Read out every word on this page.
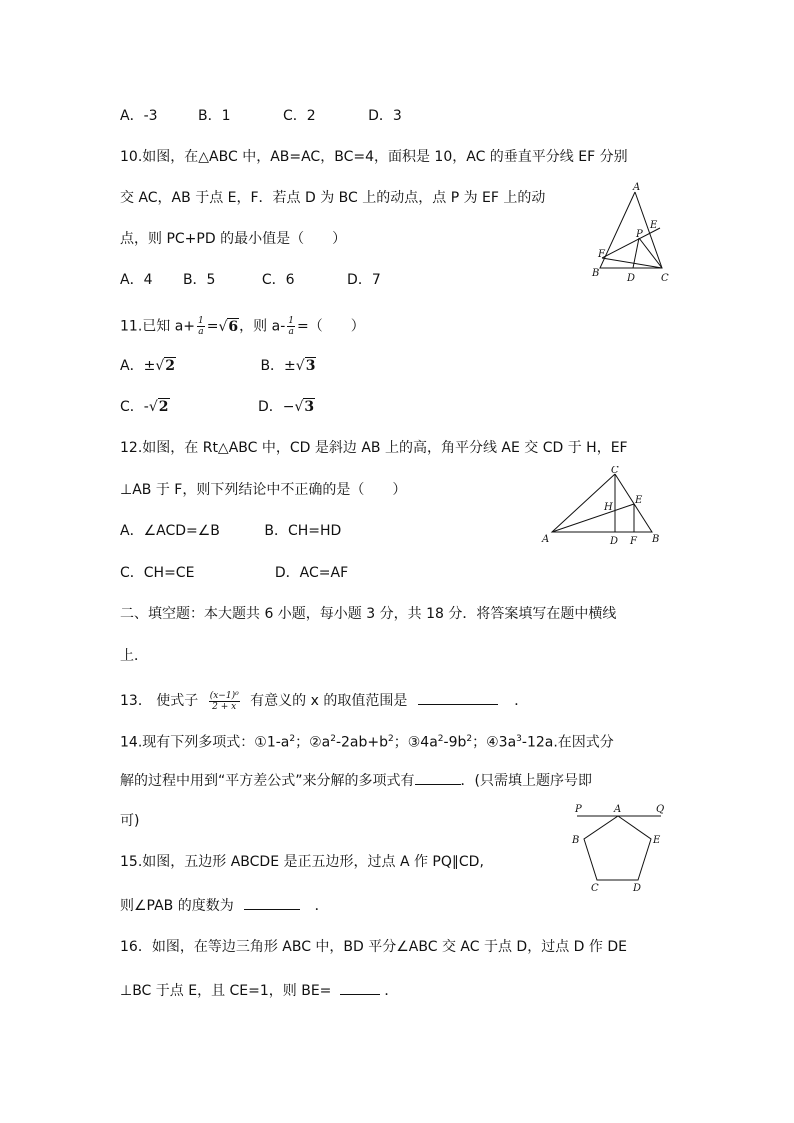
A．-3	B．1	C．2	D．3
10.如图，在△ABC 中，AB=AC，BC=4，面积是 10，AC 的垂直平分线 EF 分别
交 AC，AB 于点 E，F．若点 D 为 BC 上的动点，点 P 为 EF 上的动
点，则 PC+PD 的最小值是（　　）
A．4 B．5	C．6	D．7
A
B	C
D
E
F
P
11.已知 $a+ \frac{1}{a} =√6$，则 $a- \frac{1}{a}$ =（　　）
A．±√2	B．±√3
C．-√2	D．−√3
12.如图，在 Rt△ABC 中，CD 是斜边 AB 上的高，角平分线 AE 交 CD 于 H，EF
⊥AB 于 F，则下列结论中不正确的是（　　）
A．∠ACD=∠B	B．CH=HD
C．CH=CE	D．AC=AF
C
A	B
D F
E
H
二、填空题：本大题共 6 小题，每小题 3 分，共 18 分．将答案填写在题中横线
上．
13． 使式子 $\frac{\text{(x−1)⁰}}{2 + x}$ 有意义的 x 的取值范围是	．
14.现有下列多项式：$①1-a^2$；$②a^2-2ab+b^2$；$③4a^2-9b^2$；$④3a^3-12a$.在因式分
解的过程中用到“平方差公式”来分解的多项式有	．(只需填上题序号即
可)
15.如图，五边形 ABCDE 是正五边形，过点 A 作 PQ∥CD,
则∠PAB 的度数为	．
P	A	Q
B	E
C	D
16．如图，在等边三角形 ABC 中，BD 平分∠ABC 交 AC 于点 D，过点 D 作 DE
⊥BC 于点 E，且 CE=1，则 BE=	．
